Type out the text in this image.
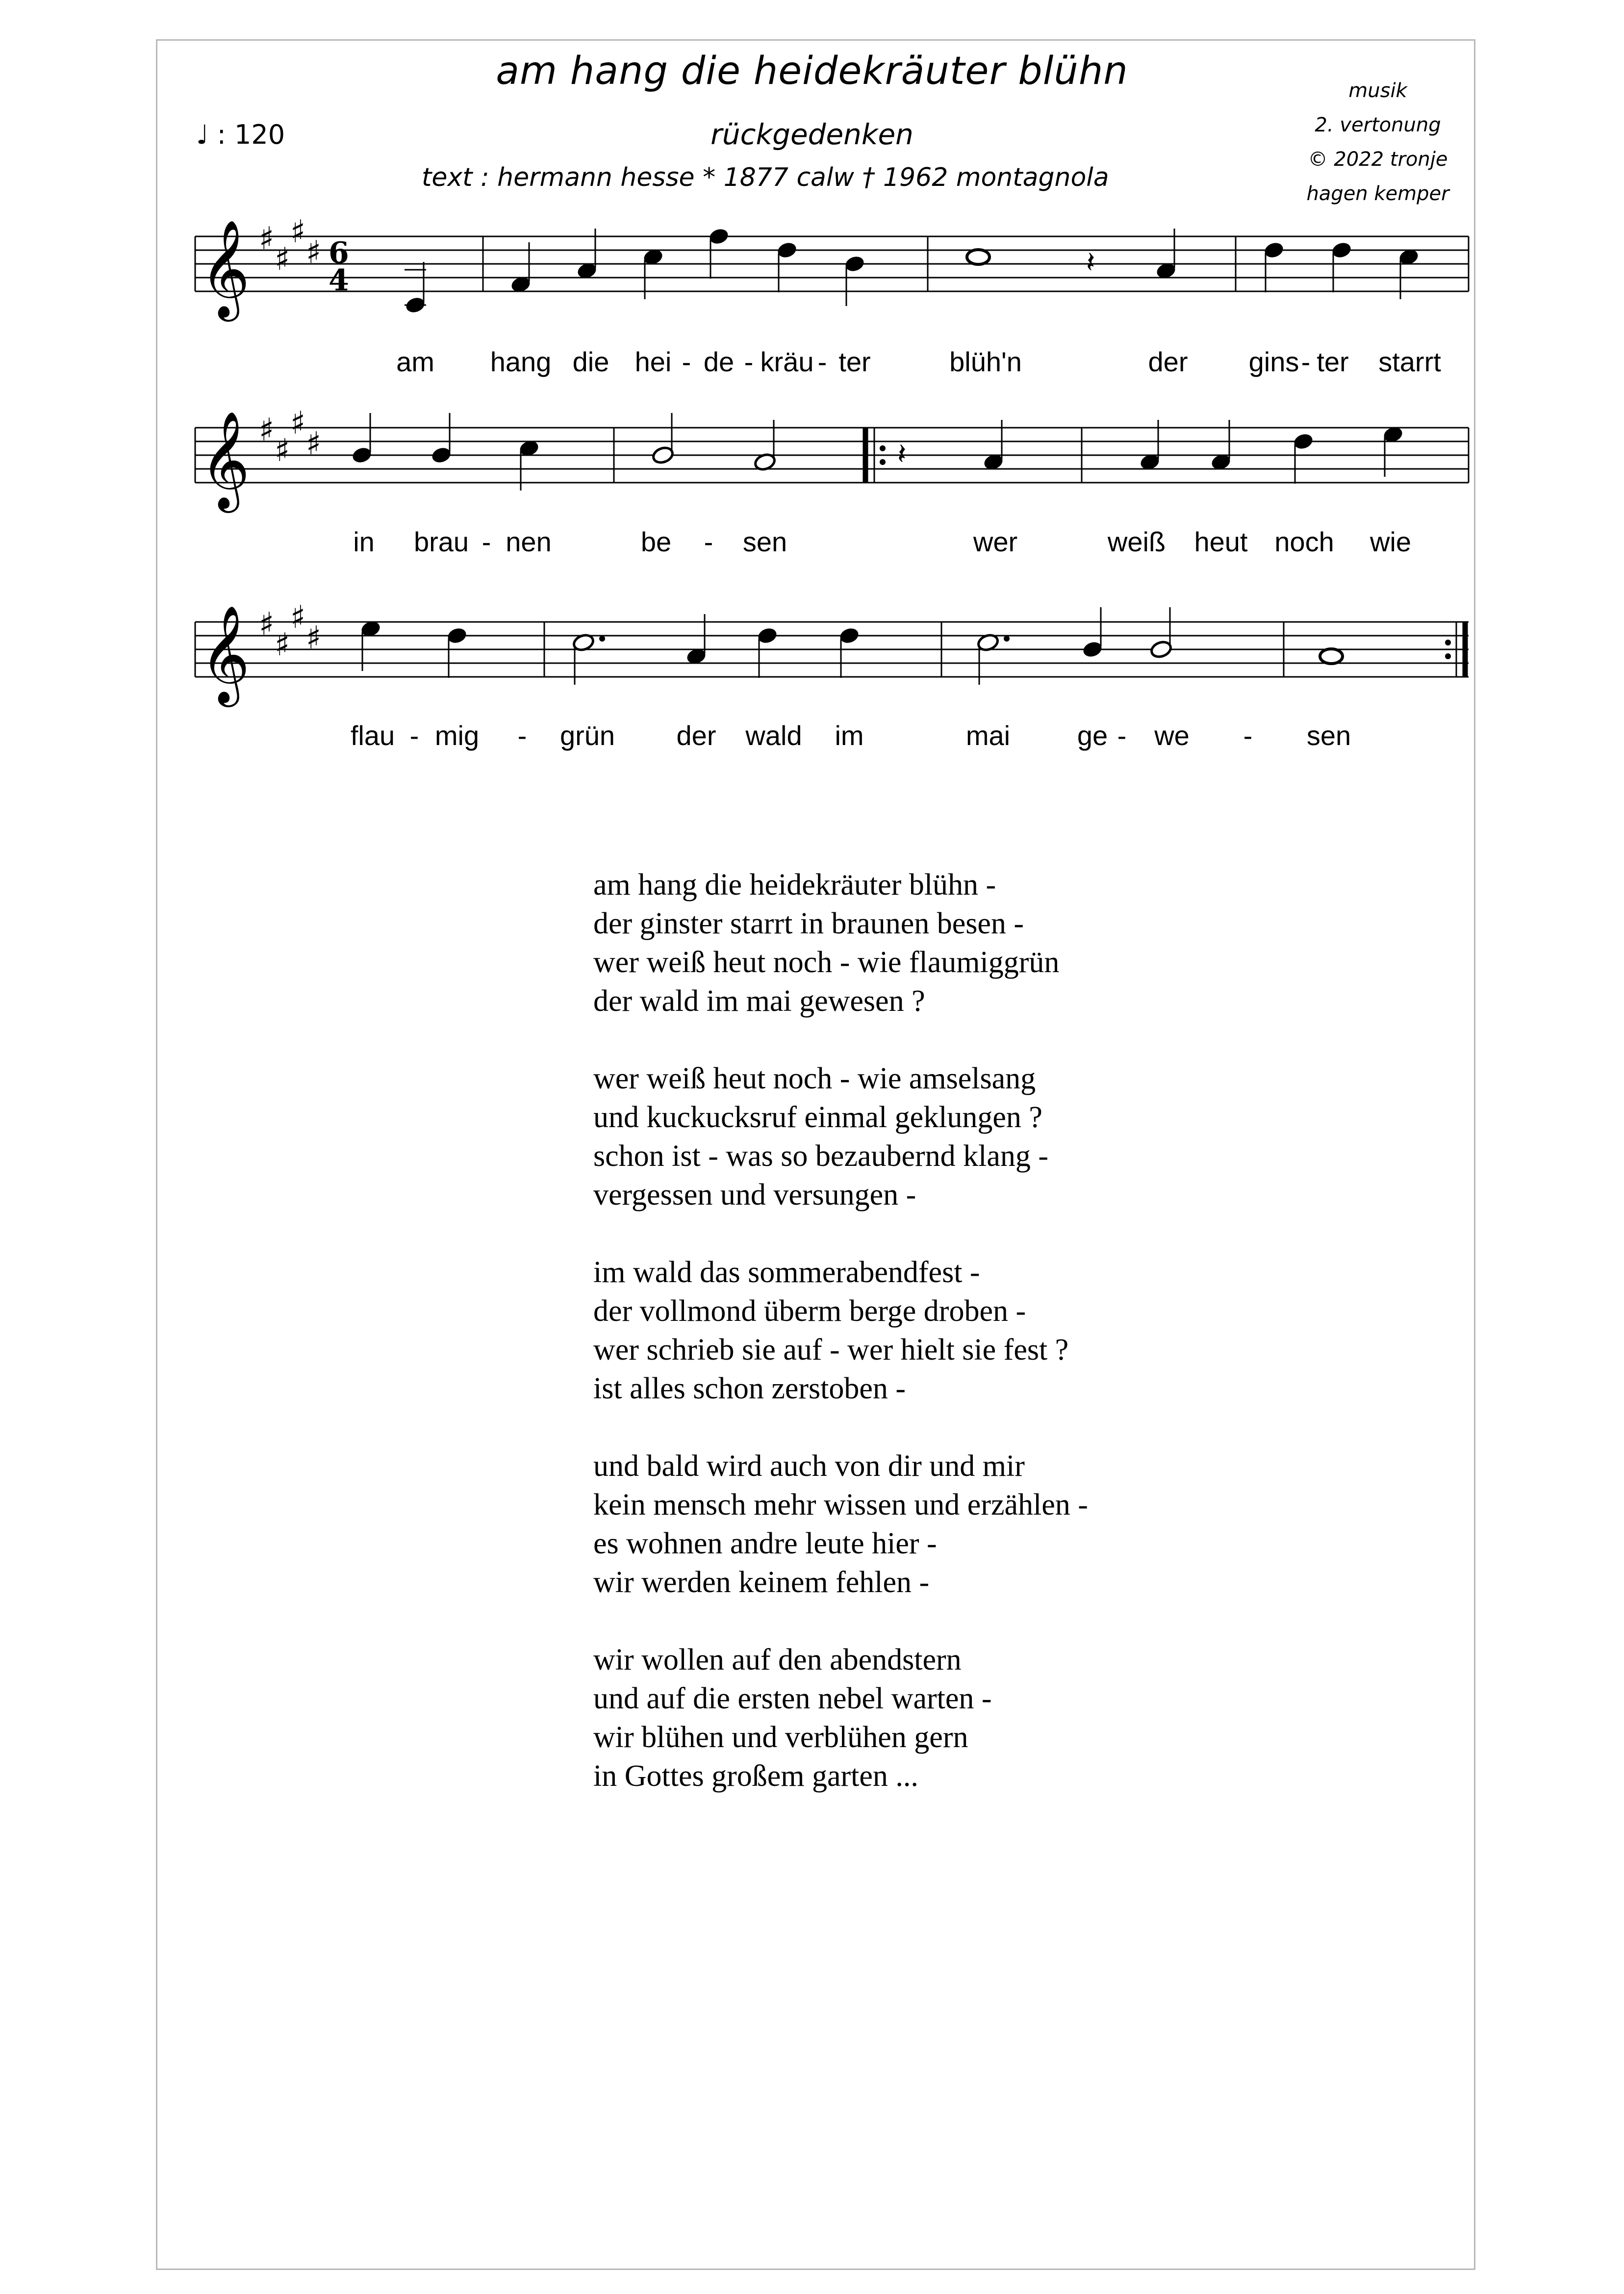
am hang die heidekräuter blühn
rückgedenken
text : hermann hesse * 1877 calw † 1962 montagnola
♩ : 120
musik
2. vertonung
© 2022 tronje
hagen kemper
𝄞 ♯
♯
♯
♯ 6
4
𝄽
𝄞 ♯
♯
♯
♯	𝄽
𝄞 ♯
♯
♯
♯
am hang die hei - de - kräu - ter	blüh'n	der gins - ter starrt
in brau - nen	be - sen	wer	weiß heut noch wie
flau - mig - grün der wald im	mai ge - we - sen
am hang die heidekräuter blühn -
der ginster starrt in braunen besen -
wer weiß heut noch - wie flaumiggrün
der wald im mai gewesen ?
wer weiß heut noch - wie amselsang
und kuckucksruf einmal geklungen ?
schon ist - was so bezaubernd klang -
vergessen und versungen -
im wald das sommerabendfest -
der vollmond überm berge droben -
wer schrieb sie auf - wer hielt sie fest ?
ist alles schon zerstoben -
und bald wird auch von dir und mir
kein mensch mehr wissen und erzählen -
es wohnen andre leute hier -
wir werden keinem fehlen -
wir wollen auf den abendstern
und auf die ersten nebel warten -
wir blühen und verblühen gern
in Gottes großem garten ...
